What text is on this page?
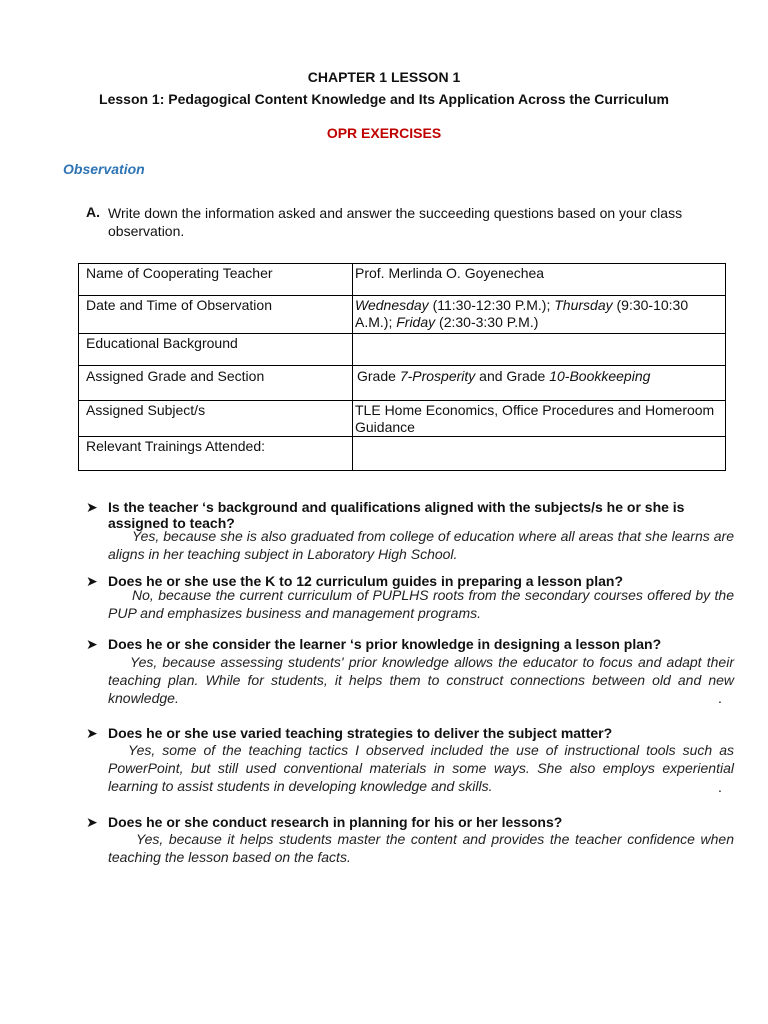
CHAPTER 1 LESSON 1
Lesson 1: Pedagogical Content Knowledge and Its Application Across the Curriculum
OPR EXERCISES
Observation
A. Write down the information asked and answer the succeeding questions based on your class observation.
Name of Cooperating Teacher	Prof. Merlinda O. Goyenechea
Date and Time of Observation	Wednesday (11:30-12:30 P.M.); Thursday (9:30-10:30 A.M.); Friday (2:30-3:30 P.M.)
Educational Background	
Assigned Grade and Section	Grade 7-Prosperity and Grade 10-Bookkeeping
Assigned Subject/s	TLE Home Economics, Office Procedures and Homeroom Guidance
Relevant Trainings Attended:	
➤ Is the teacher ‘s background and qualifications aligned with the subjects/s he or she is assigned to teach?
Yes, because she is also graduated from college of education where all areas that she learns are aligns in her teaching subject in Laboratory High School.
➤ Does he or she use the K to 12 curriculum guides in preparing a lesson plan?
No, because the current curriculum of PUPLHS roots from the secondary courses offered by the PUP and emphasizes business and management programs.
➤ Does he or she consider the learner ‘s prior knowledge in designing a lesson plan?
Yes, because assessing students' prior knowledge allows the educator to focus and adapt their teaching plan. While for students, it helps them to construct connections between old and new knowledge.
➤ Does he or she use varied teaching strategies to deliver the subject matter?
Yes, some of the teaching tactics I observed included the use of instructional tools such as PowerPoint, but still used conventional materials in some ways. She also employs experiential learning to assist students in developing knowledge and skills.
➤ Does he or she conduct research in planning for his or her lessons?
Yes, because it helps students master the content and provides the teacher confidence when teaching the lesson based on the facts.
.
.
